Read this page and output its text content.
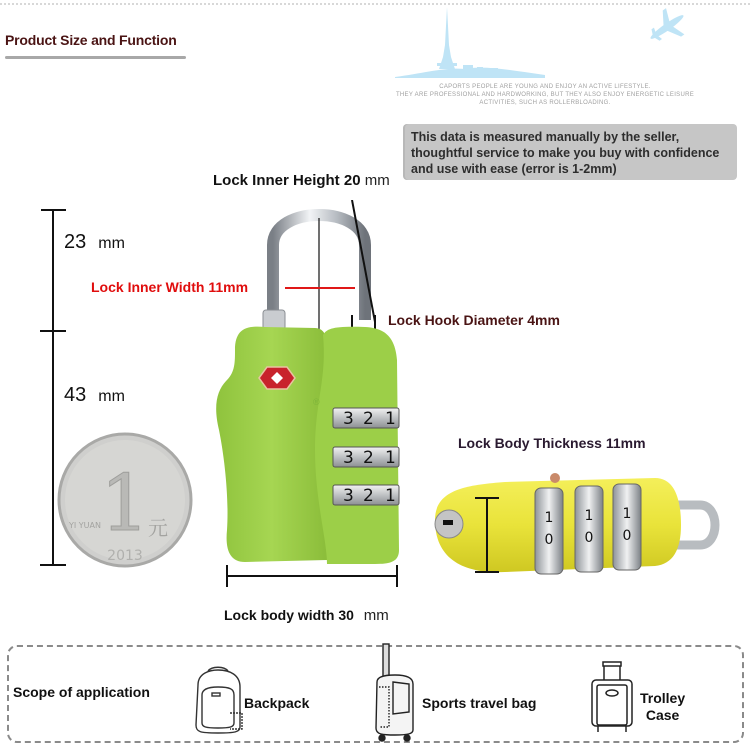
Product Size and Function
CAPORTS PEOPLE ARE YOUNG AND ENJOY AN ACTIVE LIFESTYLE.
THEY ARE PROFESSIONAL AND HARDWORKING, BUT THEY ALSO ENJOY ENERGETIC LEISURE
ACTIVITIES, SUCH AS ROLLERBLOADING.
This data is measured manually by the seller, thoughtful service to make you buy with confidence and use with ease (error is 1-2mm)
23 mm
43 mm
Lock Inner Height 20 mm
Lock Inner Width 11mm
Lock Hook Diameter 4mm
Lock Body Thickness 11mm
Lock body width 30 mm
®
3 2 1
3 2 1
3 2 1
1
元
YI YUAN
2013
1
0
1
0
1
0
Scope of application
Backpack	Sports travel bag	Trolley
Case
